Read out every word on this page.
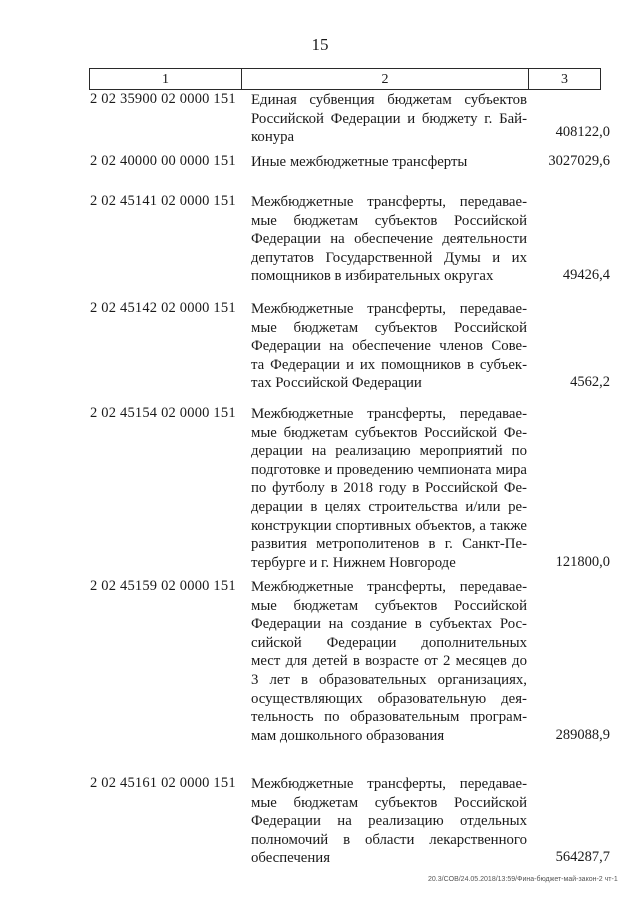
15
1	2	3
2 02 35900 02 0000 151	Единая субвенция бюджетам субъектов
Российской Федерации и бюджету г. Бай-
конура	408122,0
2 02 40000 00 0000 151	Иные межбюджетные трансферты	3027029,6
2 02 45141 02 0000 151	Межбюджетные трансферты, передавае-
мые бюджетам субъектов Российской
Федерации на обеспечение деятельности
депутатов Государственной Думы и их
помощников в избирательных округах	49426,4
2 02 45142 02 0000 151	Межбюджетные трансферты, передавае-
мые бюджетам субъектов Российской
Федерации на обеспечение членов Сове-
та Федерации и их помощников в субъек-
тах Российской Федерации	4562,2
2 02 45154 02 0000 151	Межбюджетные трансферты, передавае-
мые бюджетам субъектов Российской Фе-
дерации на реализацию мероприятий по
подготовке и проведению чемпионата мира
по футболу в 2018 году в Российской Фе-
дерации в целях строительства и/или ре-
конструкции спортивных объектов, а также
развития метрополитенов в г. Санкт-Пе-
тербурге и г. Нижнем Новгороде	121800,0
2 02 45159 02 0000 151	Межбюджетные трансферты, передавае-
мые бюджетам субъектов Российской
Федерации на создание в субъектах Рос-
сийской Федерации дополнительных
мест для детей в возрасте от 2 месяцев до
3 лет в образовательных организациях,
осуществляющих образовательную дея-
тельность по образовательным програм-
мам дошкольного образования	289088,9
2 02 45161 02 0000 151	Межбюджетные трансферты, передавае-
мые бюджетам субъектов Российской
Федерации на реализацию отдельных
полномочий в области лекарственного
обеспечения	564287,7
20.3/COB/24.05.2018/13:59/Фина-бюджет-май-закон-2 чт-1
